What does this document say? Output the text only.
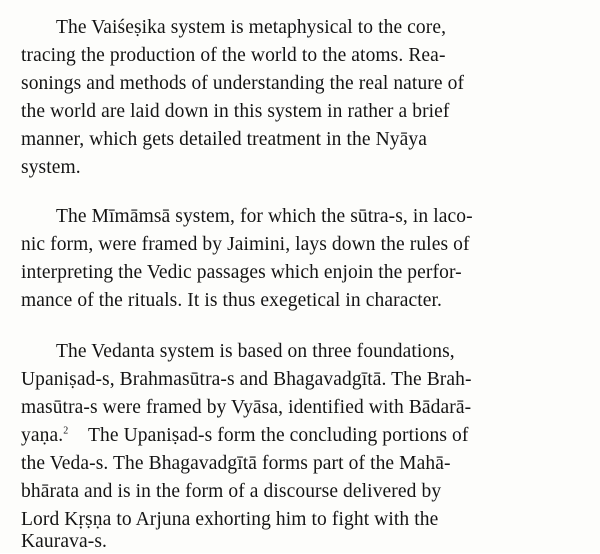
The Vaiśeṣika system is metaphysical to the core,
tracing the production of the world to the atoms. Rea-
sonings and methods of understanding the real nature of
the world are laid down in this system in rather a brief
manner, which gets detailed treatment in the Nyāya
system.
The Mīmāmsā system, for which the sūtra-s, in laco-
nic form, were framed by Jaimini, lays down the rules of
interpreting the Vedic passages which enjoin the perfor-
mance of the rituals. It is thus exegetical in character.
The Vedanta system is based on three foundations,
Upaniṣad-s, Brahmasūtra-s and Bhagavadgītā. The Brah-
masūtra-s were framed by Vyāsa, identified with Bādarā-
yaṇa.$^2$ The Upaniṣad-s form the concluding portions of
the Veda-s. The Bhagavadgītā forms part of the Mahā-
bhārata and is in the form of a discourse delivered by
Lord Kṛṣṇa to Arjuna exhorting him to fight with the
Kaurava-s.
